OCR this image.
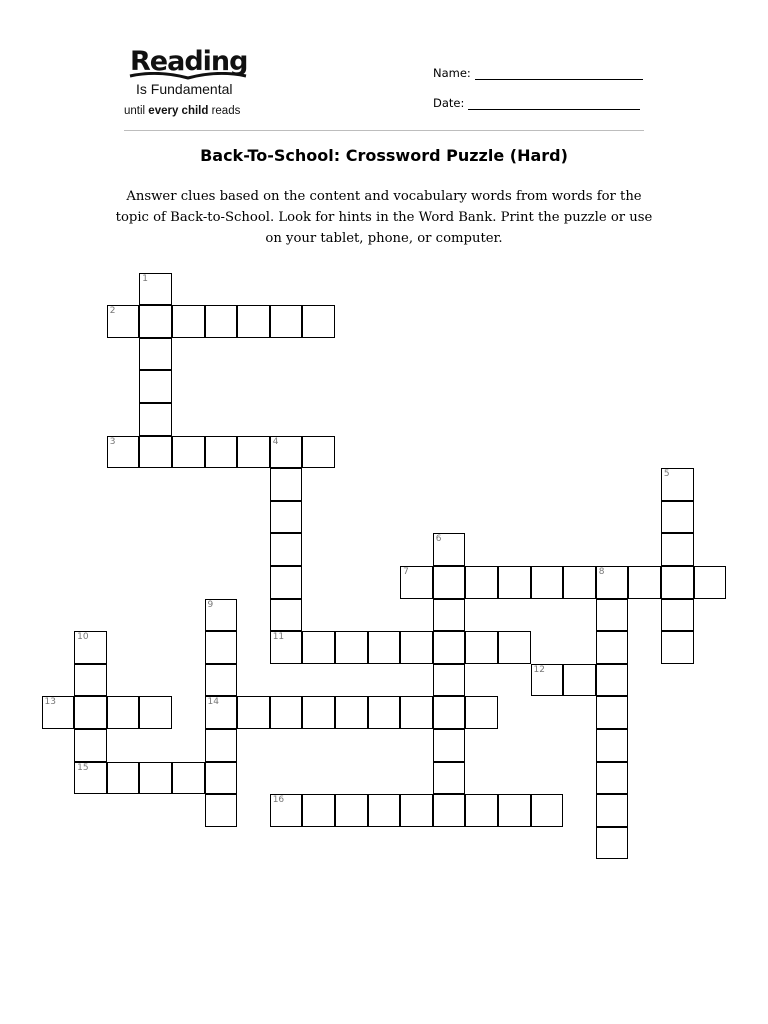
Reading
Is Fundamental
until every child reads
Name:
Date:
Back-To-School: Crossword Puzzle (Hard)
Answer clues based on the content and vocabulary words from words for the topic of Back-to-School. Look for hints in the Word Bank. Print the puzzle or use on your tablet, phone, or computer.
1
2
3	4
11
5
6
7	8
9
14
10
15
12
13
16
